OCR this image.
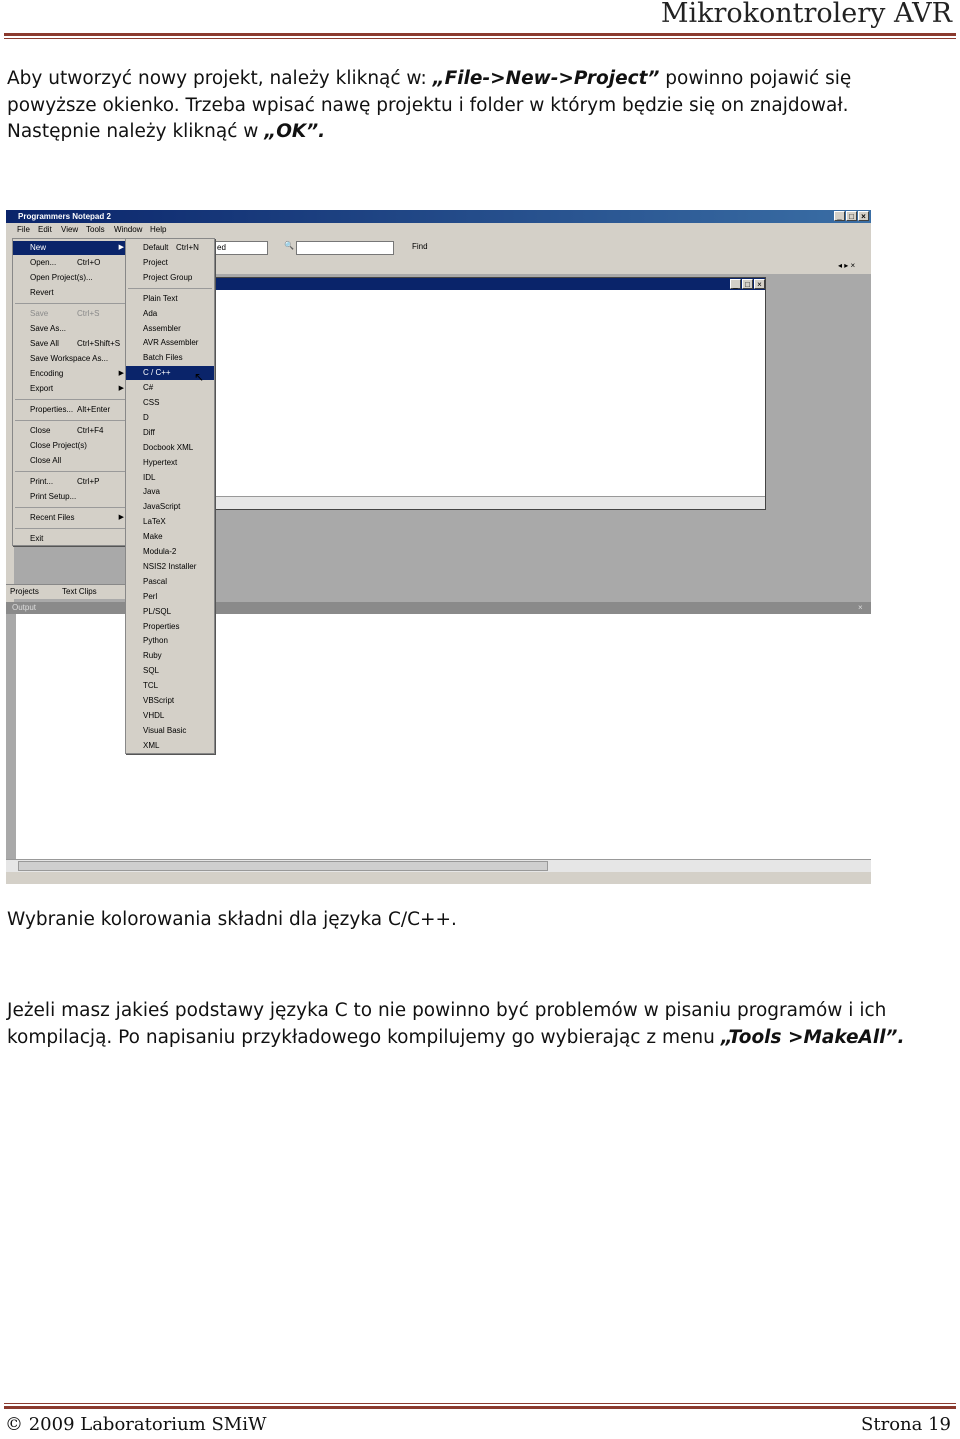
Mikrokontrolery AVR
Aby utworzyć nowy projekt, należy kliknąć w: „File->New->Project” powinno pojawić się
powyższe okienko. Trzeba wpisać nawę projektu i folder w którym będzie się on znajdował.
Następnie należy kliknąć w „OK”.
Programmers Notepad 2	_ □ ×
File Edit View Tools Window Help
ed	🔍	Find
◂ ▸ ×
_ □ ×
Projects	Text Clips
Output	×
New	▶
Open...	Ctrl+O
Open Project(s)...
Revert
Save	Ctrl+S
Save As...
Save All Ctrl+Shift+S
Save Workspace As...
Encoding	▶
Export	▶
Properties... Alt+Enter
Close	Ctrl+F4
Close Project(s)
Close All
Print...	Ctrl+P
Print Setup...
Recent Files	▶
Exit
Default Ctrl+N
Project
Project Group
Plain Text
Ada
Assembler
AVR Assembler
Batch Files
C / C++
C#
CSS
D
Diff
Docbook XML
Hypertext
IDL
Java
JavaScript
LaTeX
Make
Modula-2
NSIS2 Installer
Pascal
Perl
PL/SQL
Properties
Python
Ruby
SQL
TCL
VBScript
VHDL
Visual Basic
XML
↖
Wybranie kolorowania składni dla języka C/C++.
Jeżeli masz jakieś podstawy języka C to nie powinno być problemów w pisaniu programów i ich
kompilacją. Po napisaniu przykładowego kompilujemy go wybierając z menu „Tools >MakeAll”.
© 2009 Laboratorium SMiW	Strona 19
